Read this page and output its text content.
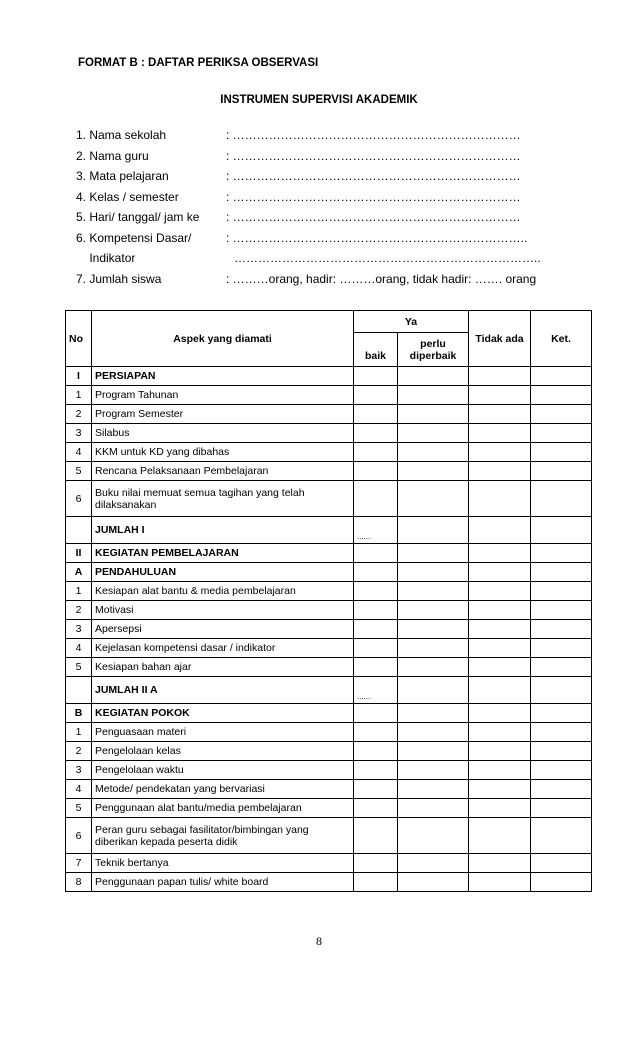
FORMAT B : DAFTAR PERIKSA OBSERVASI
INSTRUMEN SUPERVISI AKADEMIK
1. Nama sekolah	: ………………………………………………………………
2. Nama guru	: ………………………………………………………………
3. Mata pelajaran	: ………………………………………………………………
4. Kelas / semester	: ………………………………………………………………
5. Hari/ tanggal/ jam ke : ………………………………………………………………
6. Kompetensi Dasar/	: ………………………………………………………………..
Indikator	…………………………………………………………………..
7. Jumlah siswa	: ………orang, hadir: ………orang, tidak hadir: ……. orang
No	Aspek yang diamati	Ya		Tidak ada	Ket.
		baik	perlu diperbaik		
I	PERSIAPAN				
1	Program Tahunan				
2	Program Semester				
3	Silabus				
4	KKM untuk KD yang dibahas				
5	Rencana Pelaksanaan Pembelajaran				
6	Buku nilai memuat semua tagihan yang telah dilaksanakan				
	JUMLAH I	......			
II	KEGIATAN PEMBELAJARAN				
A	PENDAHULUAN				
1	Kesiapan alat bantu & media pembelajaran				
2	Motivasi				
3	Apersepsi				
4	Kejelasan kompetensi dasar / indikator				
5	Kesiapan bahan ajar				
	JUMLAH II A	......			
B	KEGIATAN POKOK				
1	Penguasaan materi				
2	Pengelolaan kelas				
3	Pengelolaan waktu				
4	Metode/ pendekatan yang bervariasi				
5	Penggunaan alat bantu/media pembelajaran				
6	Peran guru sebagai fasilitator/bimbingan yang diberikan kepada peserta didik				
7	Teknik bertanya				
8	Penggunaan papan tulis/ white board				
8
